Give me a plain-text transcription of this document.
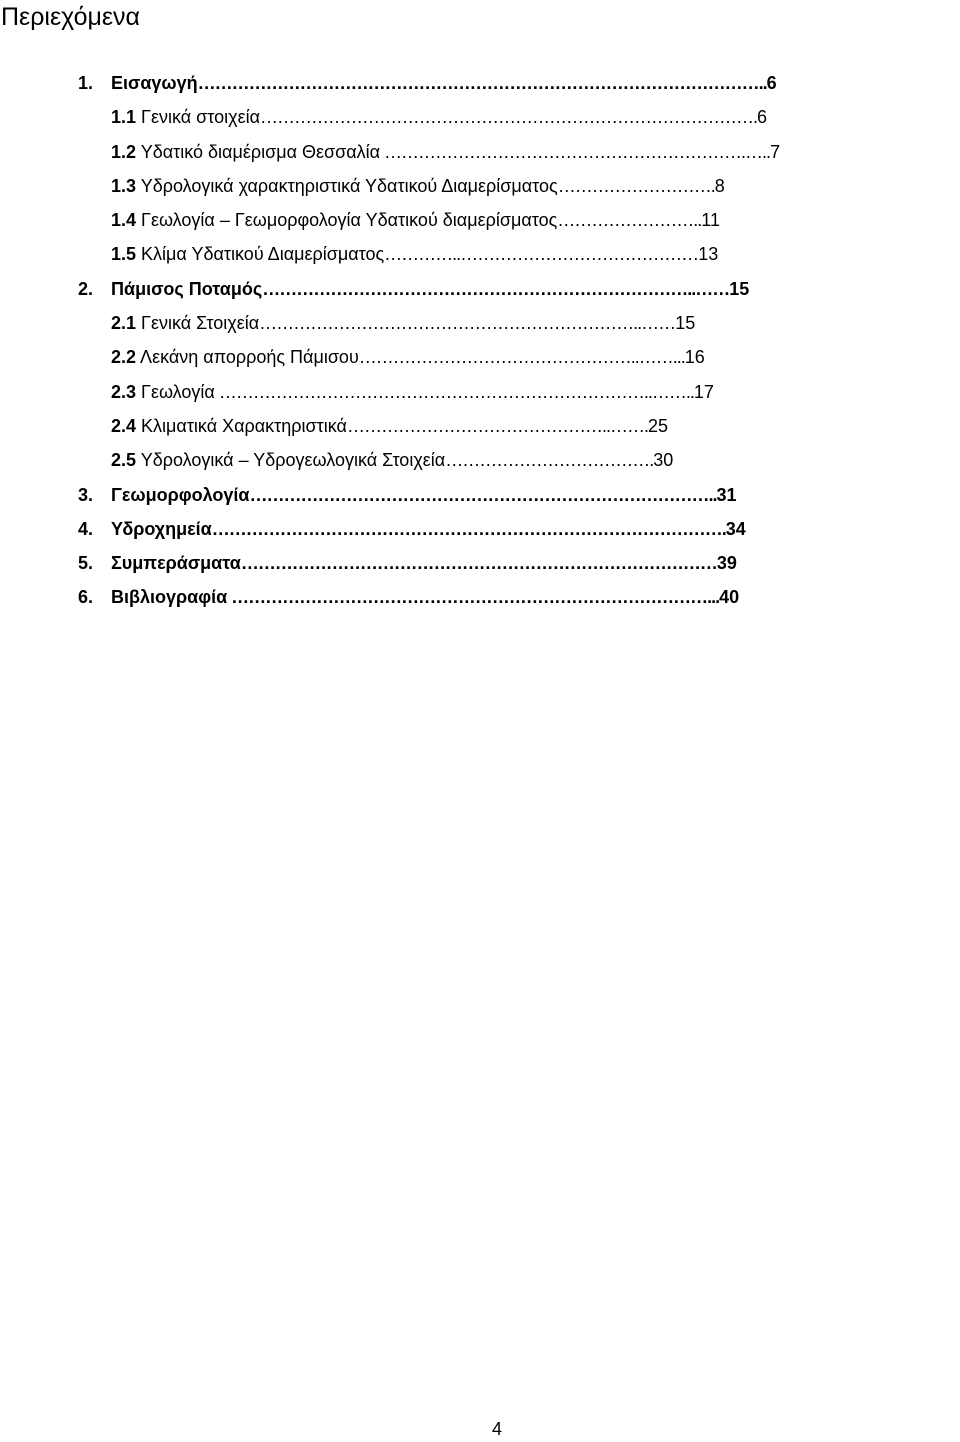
Περιεχόμενα
1. Εισαγωγή………………………………………………………………………………………..6
1.1 Γενικά στοιχεία…………………………………………………………………………….6
1.2 Υδατικό διαμέρισμα Θεσσαλία ……………………………………………………….…..7
1.3 Υδρολογικά χαρακτηριστικά Υδατικού Διαμερίσματος……………………….8
1.4 Γεωλογία – Γεωμορφολογία Υδατικού διαμερίσματος……………………..11
1.5 Κλίμα Υδατικού Διαμερίσματος…………..……………………………………13
2. Πάμισος Ποταμός…………………………………………………………………..……15
2.1 Γενικά Στοιχεία…………………………………………………………..……15
2.2 Λεκάνη απορροής Πάμισου…………………………………………..……...16
2.3 Γεωλογία …………………………………………………………………..……..17
2.4 Κλιματικά Χαρακτηριστικά………………………………………..…….25
2.5 Υδρολογικά – Υδρογεωλογικά Στοιχεία……………………………….30
3. Γεωμορφολογία………………………………………………………………………..31
4. Υδροχημεία……………………………………………………………………………….34
5. Συμπεράσματα…………………………………………………………………………39
6. Βιβλιογραφία …………………………………………………………………………...40
4
